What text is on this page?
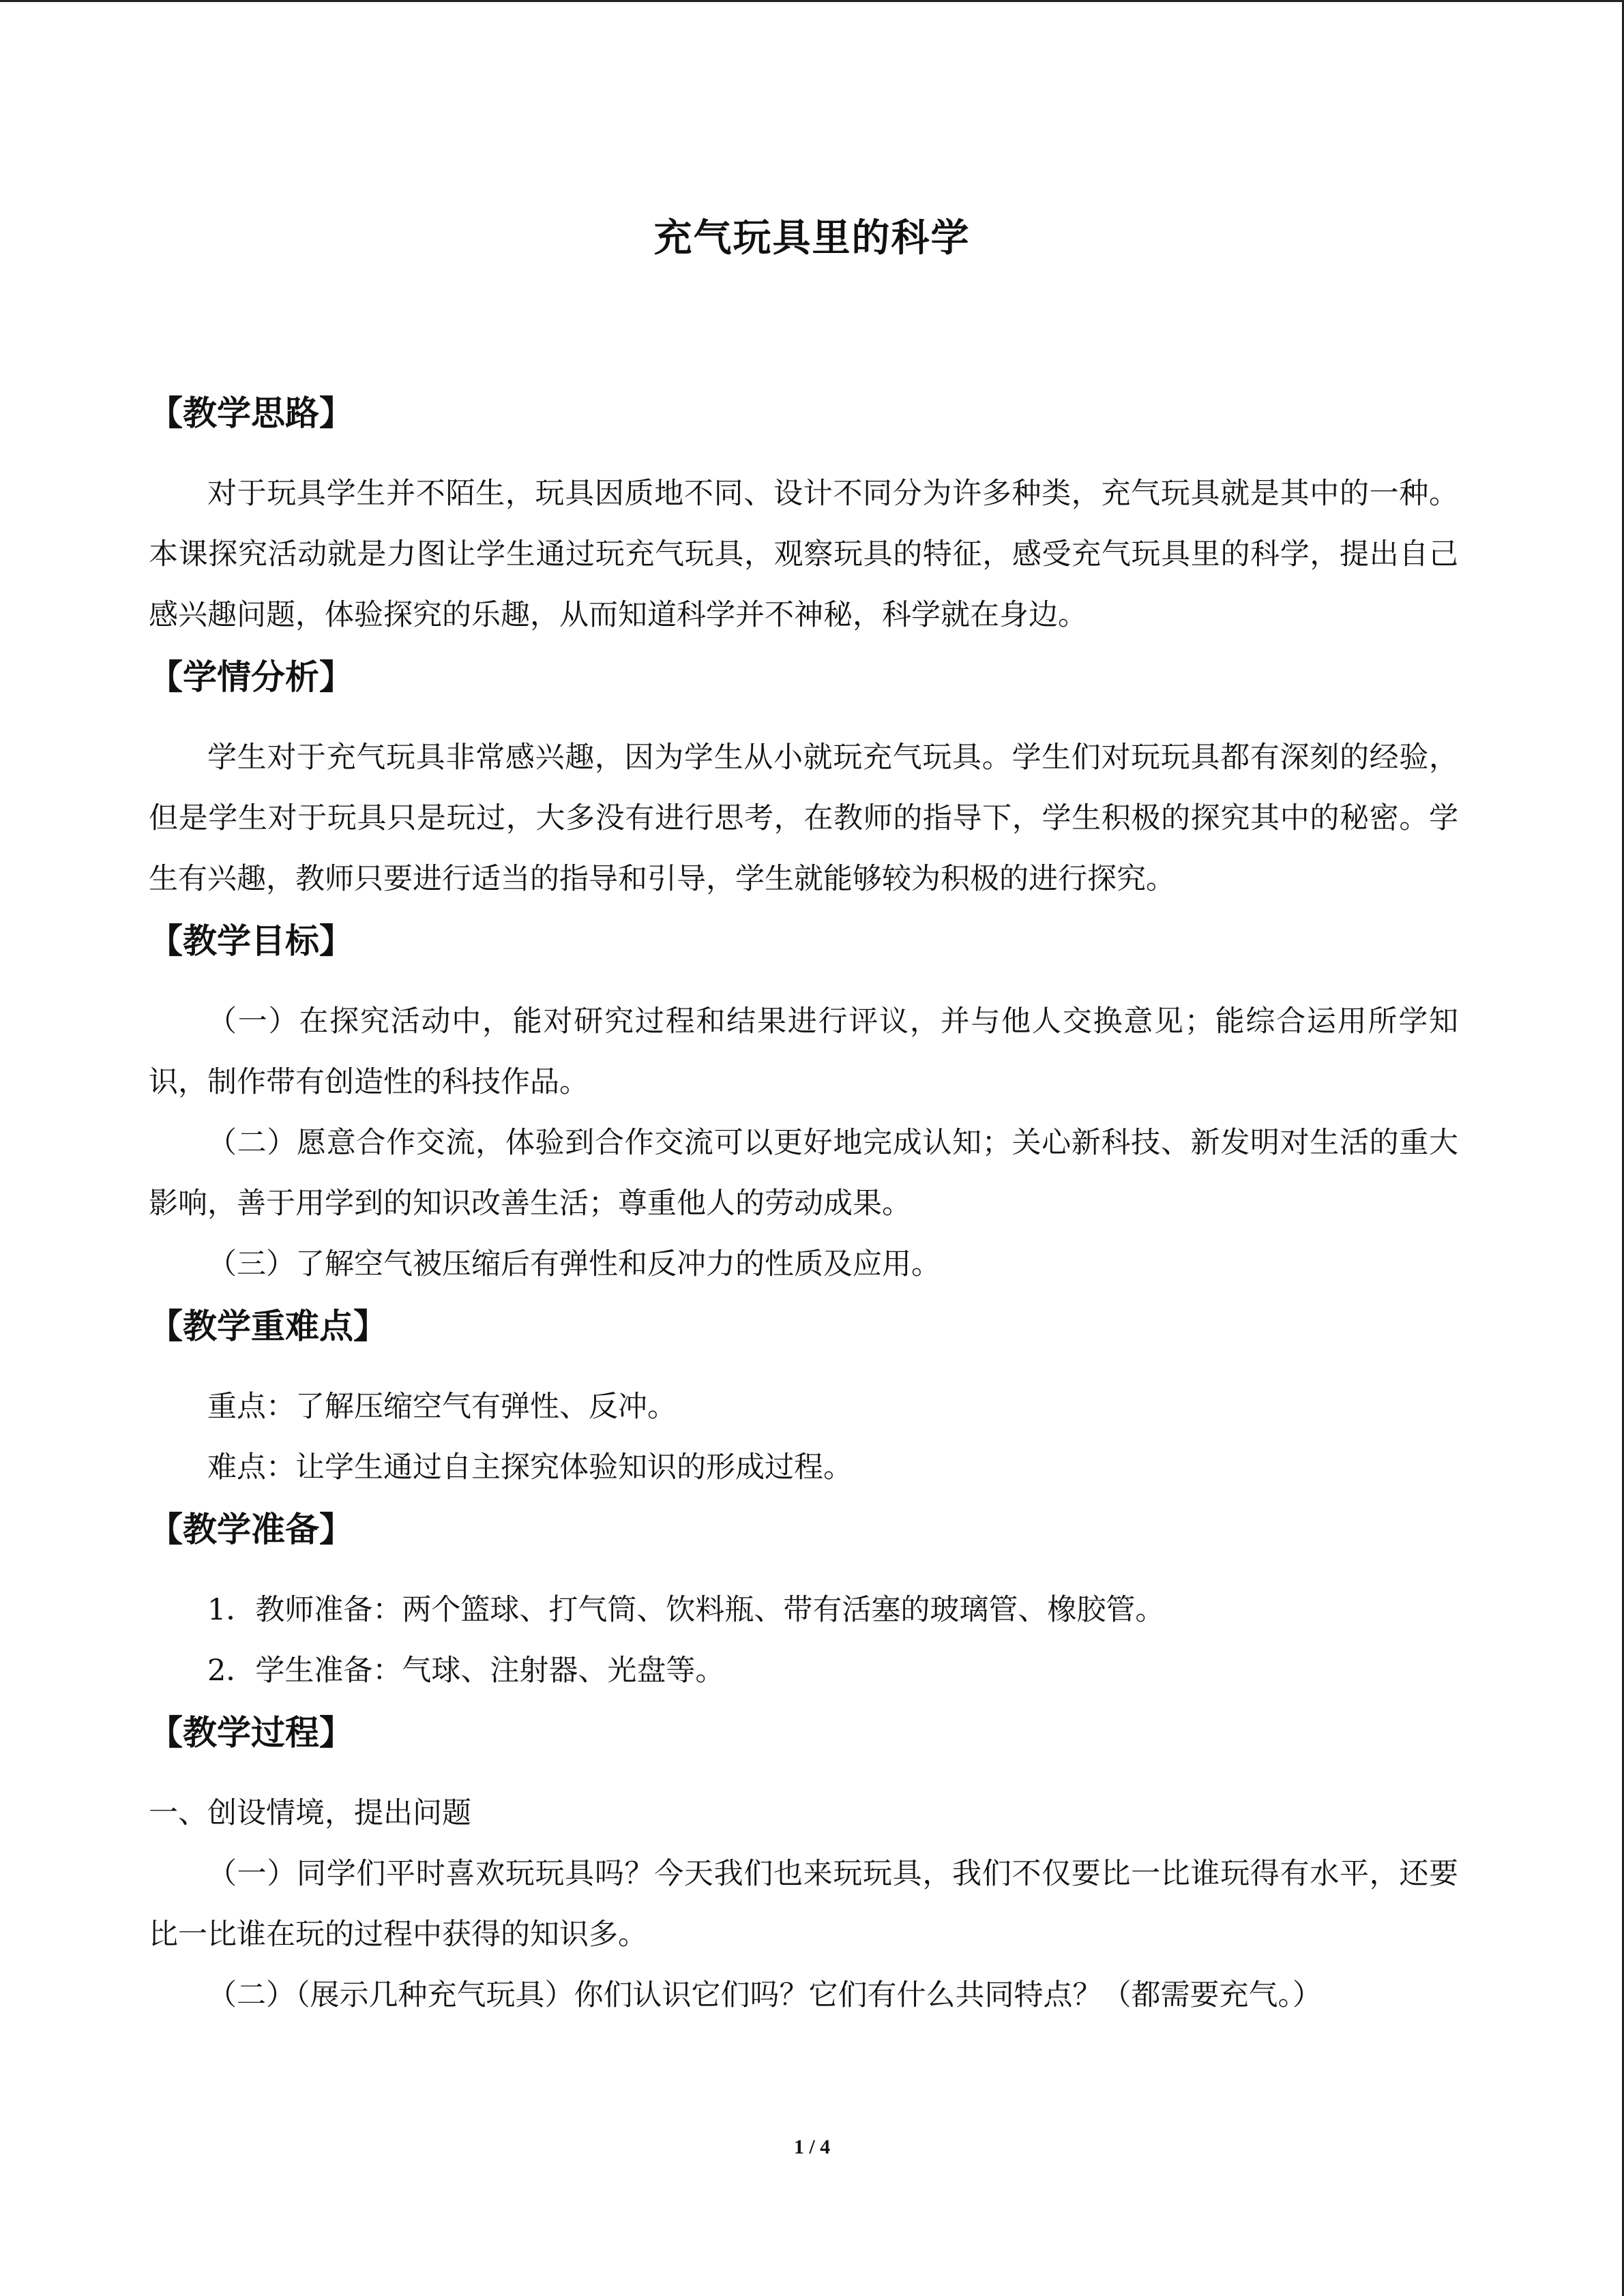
充气玩具里的科学

【教学思路】

对于玩具学生并不陌生，玩具因质地不同、设计不同分为许多种类，充气玩具就是其中的一种。本课探究活动就是力图让学生通过玩充气玩具，观察玩具的特征，感受充气玩具里的科学，提出自己感兴趣问题，体验探究的乐趣，从而知道科学并不神秘，科学就在身边。

【学情分析】

学生对于充气玩具非常感兴趣，因为学生从小就玩充气玩具。学生们对玩玩具都有深刻的经验，但是学生对于玩具只是玩过，大多没有进行思考，在教师的指导下，学生积极的探究其中的秘密。学生有兴趣，教师只要进行适当的指导和引导，学生就能够较为积极的进行探究。

【教学目标】

（一）在探究活动中，能对研究过程和结果进行评议，并与他人交换意见；能综合运用所学知识，制作带有创造性的科技作品。

（二）愿意合作交流，体验到合作交流可以更好地完成认知；关心新科技、新发明对生活的重大影响，善于用学到的知识改善生活；尊重他人的劳动成果。

（三）了解空气被压缩后有弹性和反冲力的性质及应用。

【教学重难点】

重点：了解压缩空气有弹性、反冲。

难点：让学生通过自主探究体验知识的形成过程。

【教学准备】

1．教师准备：两个篮球、打气筒、饮料瓶、带有活塞的玻璃管、橡胶管。

2．学生准备：气球、注射器、光盘等。

【教学过程】

一、创设情境，提出问题

（一）同学们平时喜欢玩玩具吗？今天我们也来玩玩具，我们不仅要比一比谁玩得有水平，还要比一比谁在玩的过程中获得的知识多。

（二）（展示几种充气玩具）你们认识它们吗？它们有什么共同特点？（都需要充气。）

1 / 4
